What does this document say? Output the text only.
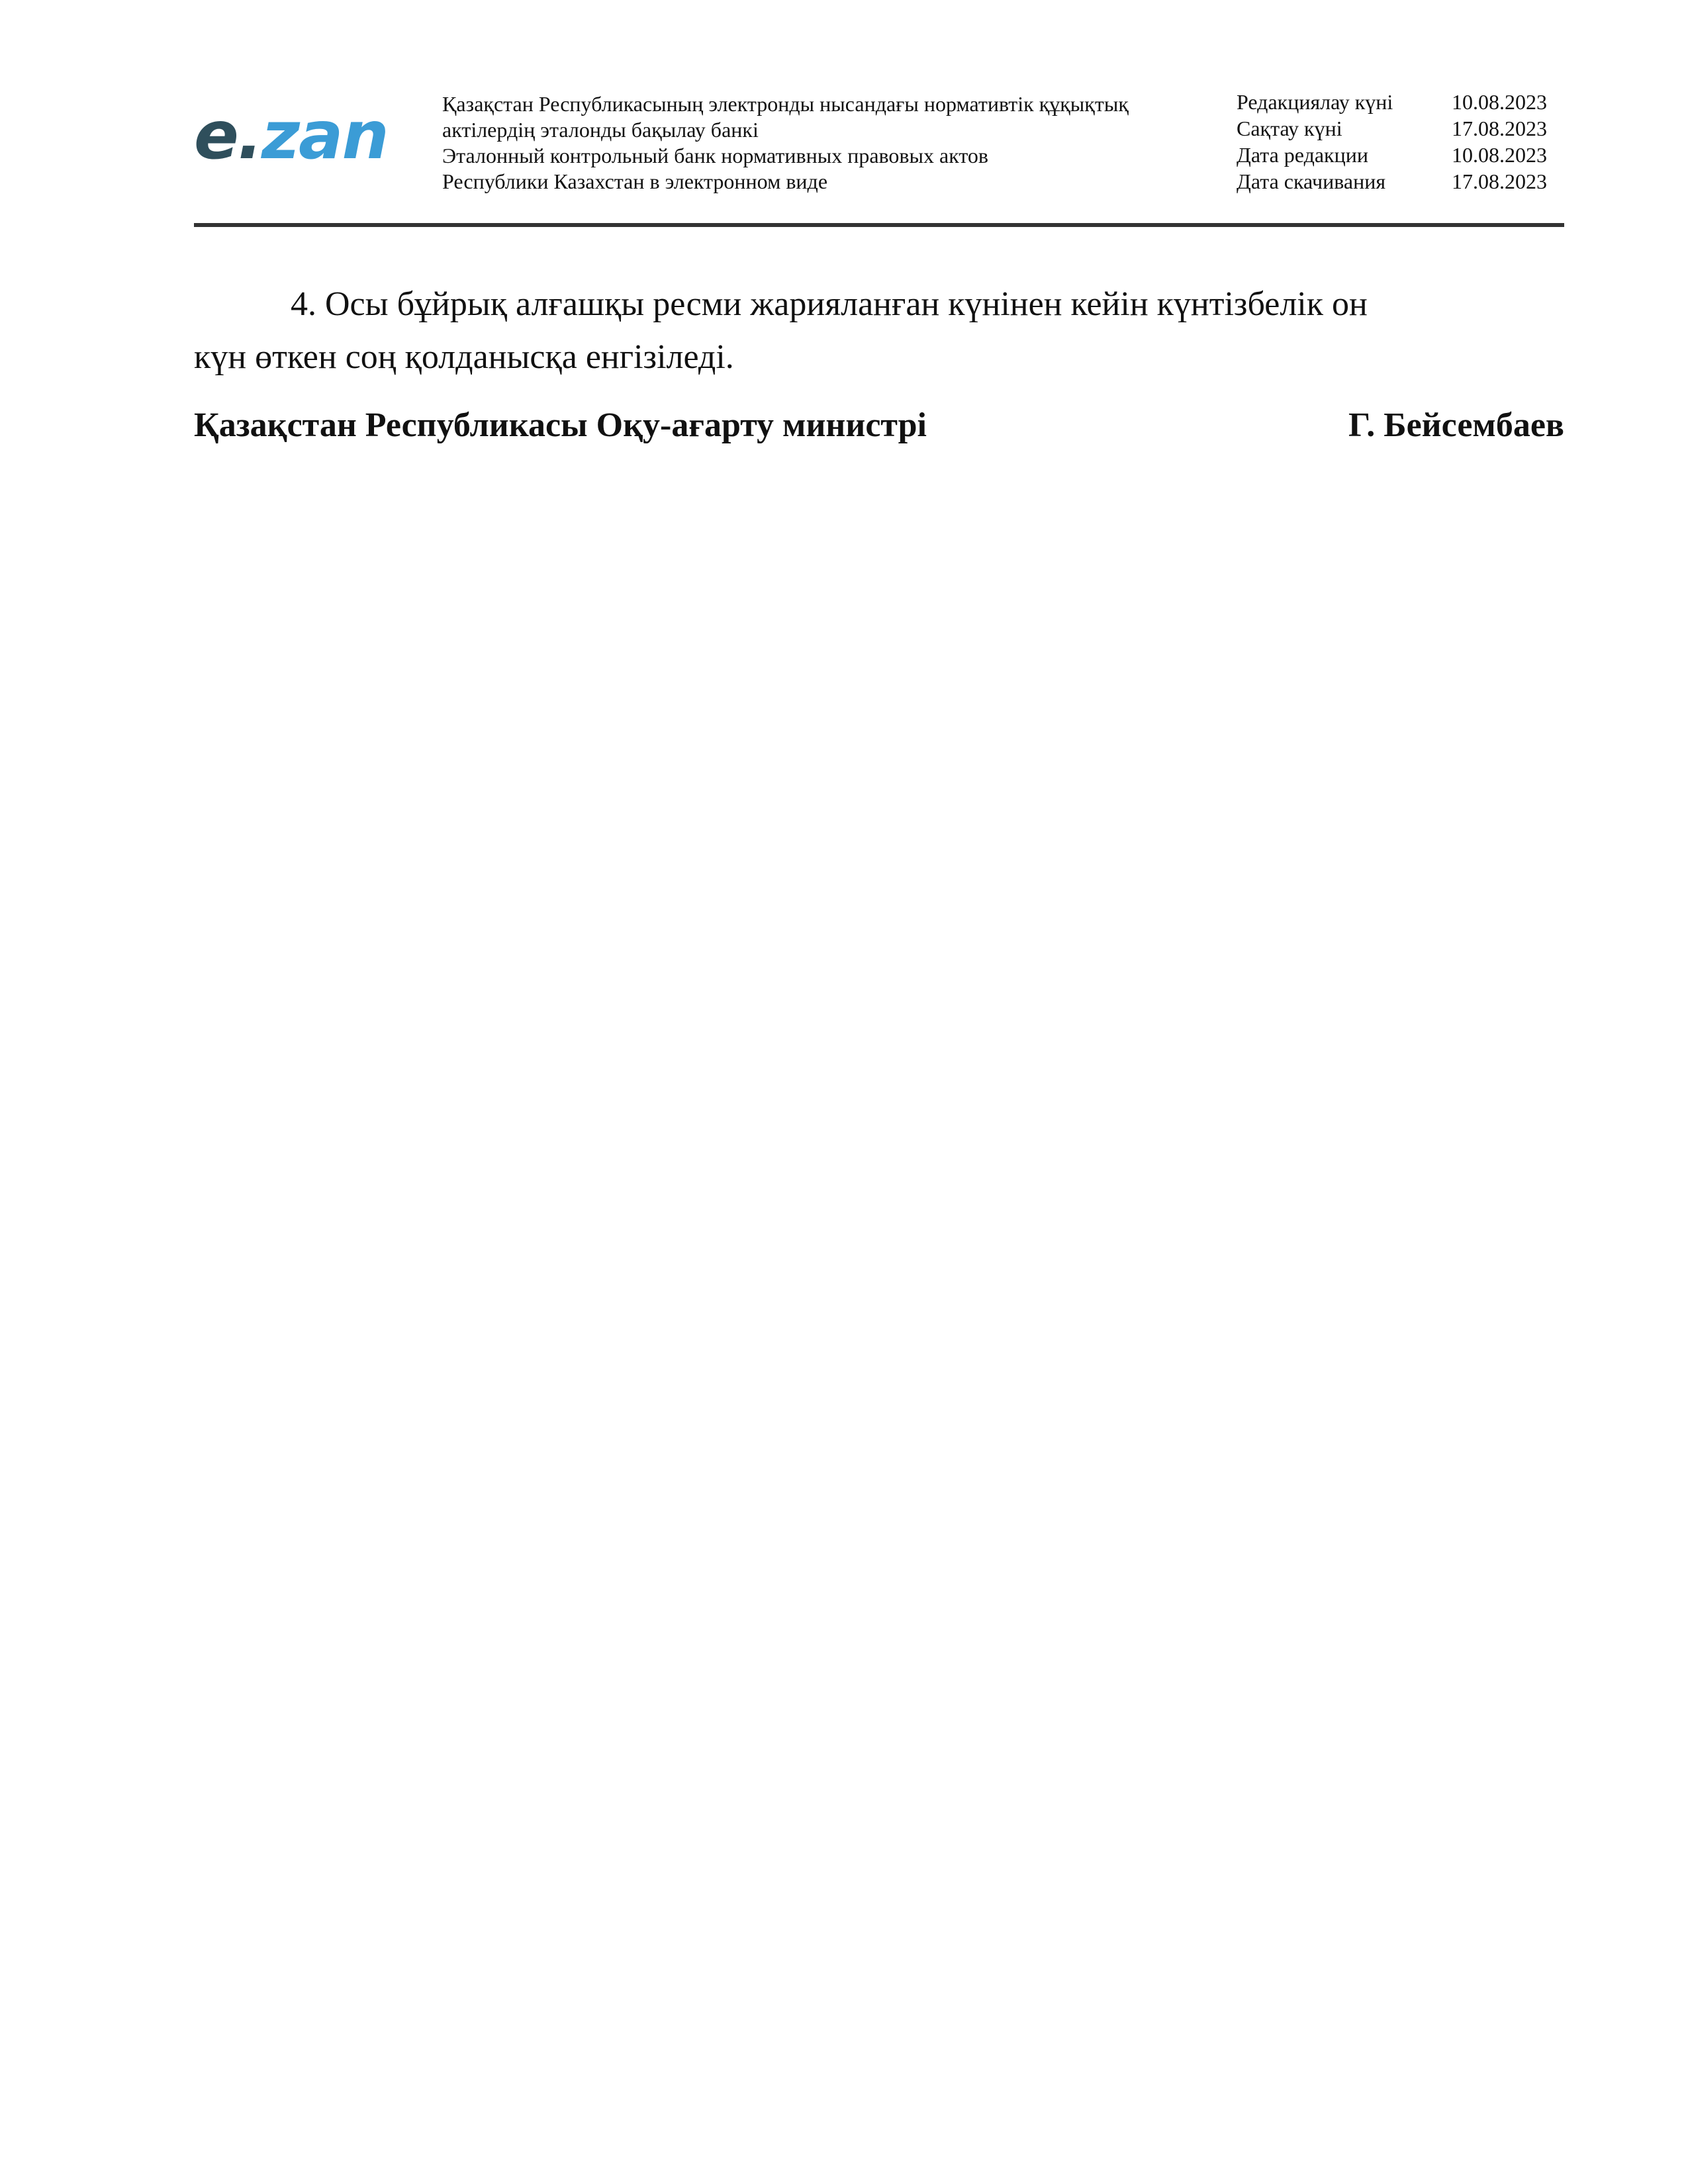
e.zan	Қазақстан Республикасының электронды нысандағы нормативтік құқықтық
актілердің эталонды бақылау банкі
Эталонный контрольный банк нормативных правовых актов
Республики Казахстан в электронном виде
Редакциялау күні	10.08.2023
Сақтау күні	17.08.2023
Дата редакции	10.08.2023
Дата скачивания	17.08.2023
4. Осы бұйрық алғашқы ресми жарияланған күнінен кейін күнтізбелік он
күн өткен соң қолданысқа енгізіледі.
Қазақстан Республикасы Оқу-ағарту министрі	Г. Бейсембаев
